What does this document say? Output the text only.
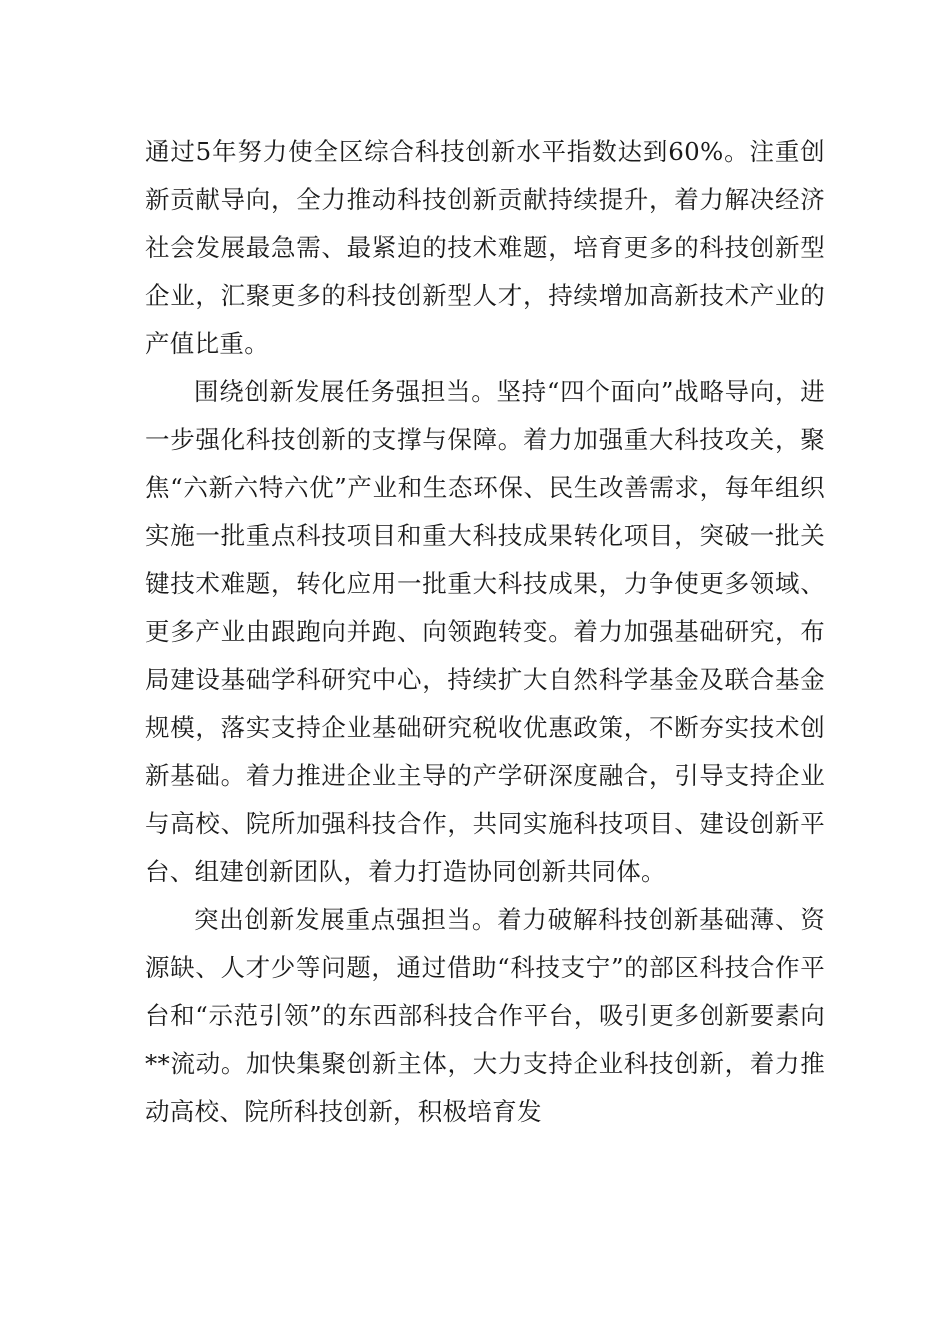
通过5年努力使全区综合科技创新水平指数达到60%。注重创新贡献导向，全力推动科技创新贡献持续提升，着力解决经济社会发展最急需、最紧迫的技术难题，培育更多的科技创新型企业，汇聚更多的科技创新型人才，持续增加高新技术产业的产值比重。

围绕创新发展任务强担当。坚持“四个面向”战略导向，进一步强化科技创新的支撑与保障。着力加强重大科技攻关，聚焦“六新六特六优”产业和生态环保、民生改善需求，每年组织实施一批重点科技项目和重大科技成果转化项目，突破一批关键技术难题，转化应用一批重大科技成果，力争使更多领域、更多产业由跟跑向并跑、向领跑转变。着力加强基础研究，布局建设基础学科研究中心，持续扩大自然科学基金及联合基金规模，落实支持企业基础研究税收优惠政策，不断夯实技术创新基础。着力推进企业主导的产学研深度融合，引导支持企业与高校、院所加强科技合作，共同实施科技项目、建设创新平台、组建创新团队，着力打造协同创新共同体。

突出创新发展重点强担当。着力破解科技创新基础薄、资源缺、人才少等问题，通过借助“科技支宁”的部区科技合作平台和“示范引领”的东西部科技合作平台，吸引更多创新要素向**流动。加快集聚创新主体，大力支持企业科技创新，着力推动高校、院所科技创新，积极培育发
